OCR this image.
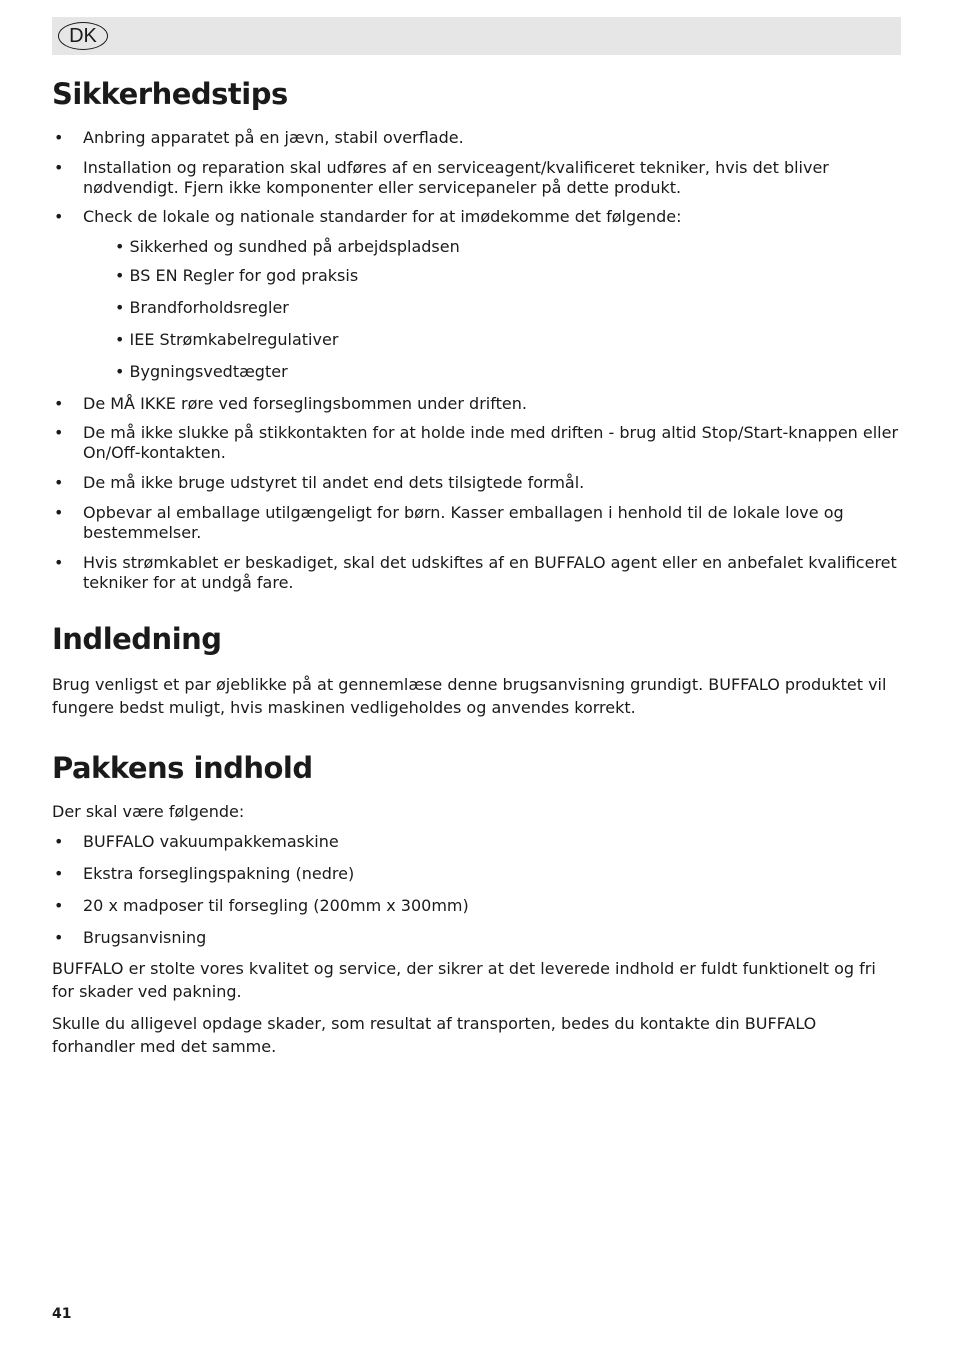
DK
Sikkerhedstips
• Anbring apparatet på en jævn, stabil overflade.
• Installation og reparation skal udføres af en serviceagent/kvalificeret tekniker, hvis det bliver nødvendigt. Fjern ikke komponenter eller servicepaneler på dette produkt.
• Check de lokale og nationale standarder for at imødekomme det følgende:
• Sikkerhed og sundhed på arbejdspladsen
• BS EN Regler for god praksis
• Brandforholdsregler
• IEE Strømkabelregulativer
• Bygningsvedtægter
• De MÅ IKKE røre ved forseglingsbommen under driften.
• De må ikke slukke på stikkontakten for at holde inde med driften - brug altid Stop/Start-knappen eller On/Off-kontakten.
• De må ikke bruge udstyret til andet end dets tilsigtede formål.
• Opbevar al emballage utilgængeligt for børn. Kasser emballagen i henhold til de lokale love og bestemmelser.
• Hvis strømkablet er beskadiget, skal det udskiftes af en BUFFALO agent eller en anbefalet kvalificeret tekniker for at undgå fare.
Indledning

Brug venligst et par øjeblikke på at gennemlæse denne brugsanvisning grundigt. BUFFALO produktet vil fungere bedst muligt, hvis maskinen vedligeholdes og anvendes korrekt.

Pakkens indhold

Der skal være følgende:

• BUFFALO vakuumpakkemaskine
• Ekstra forseglingspakning (nedre)
• 20 x madposer til forsegling (200mm x 300mm)
• Brugsanvisning

BUFFALO er stolte vores kvalitet og service, der sikrer at det leverede indhold er fuldt funktionelt og fri for skader ved pakning.

Skulle du alligevel opdage skader, som resultat af transporten, bedes du kontakte din BUFFALO forhandler med det samme.

41
